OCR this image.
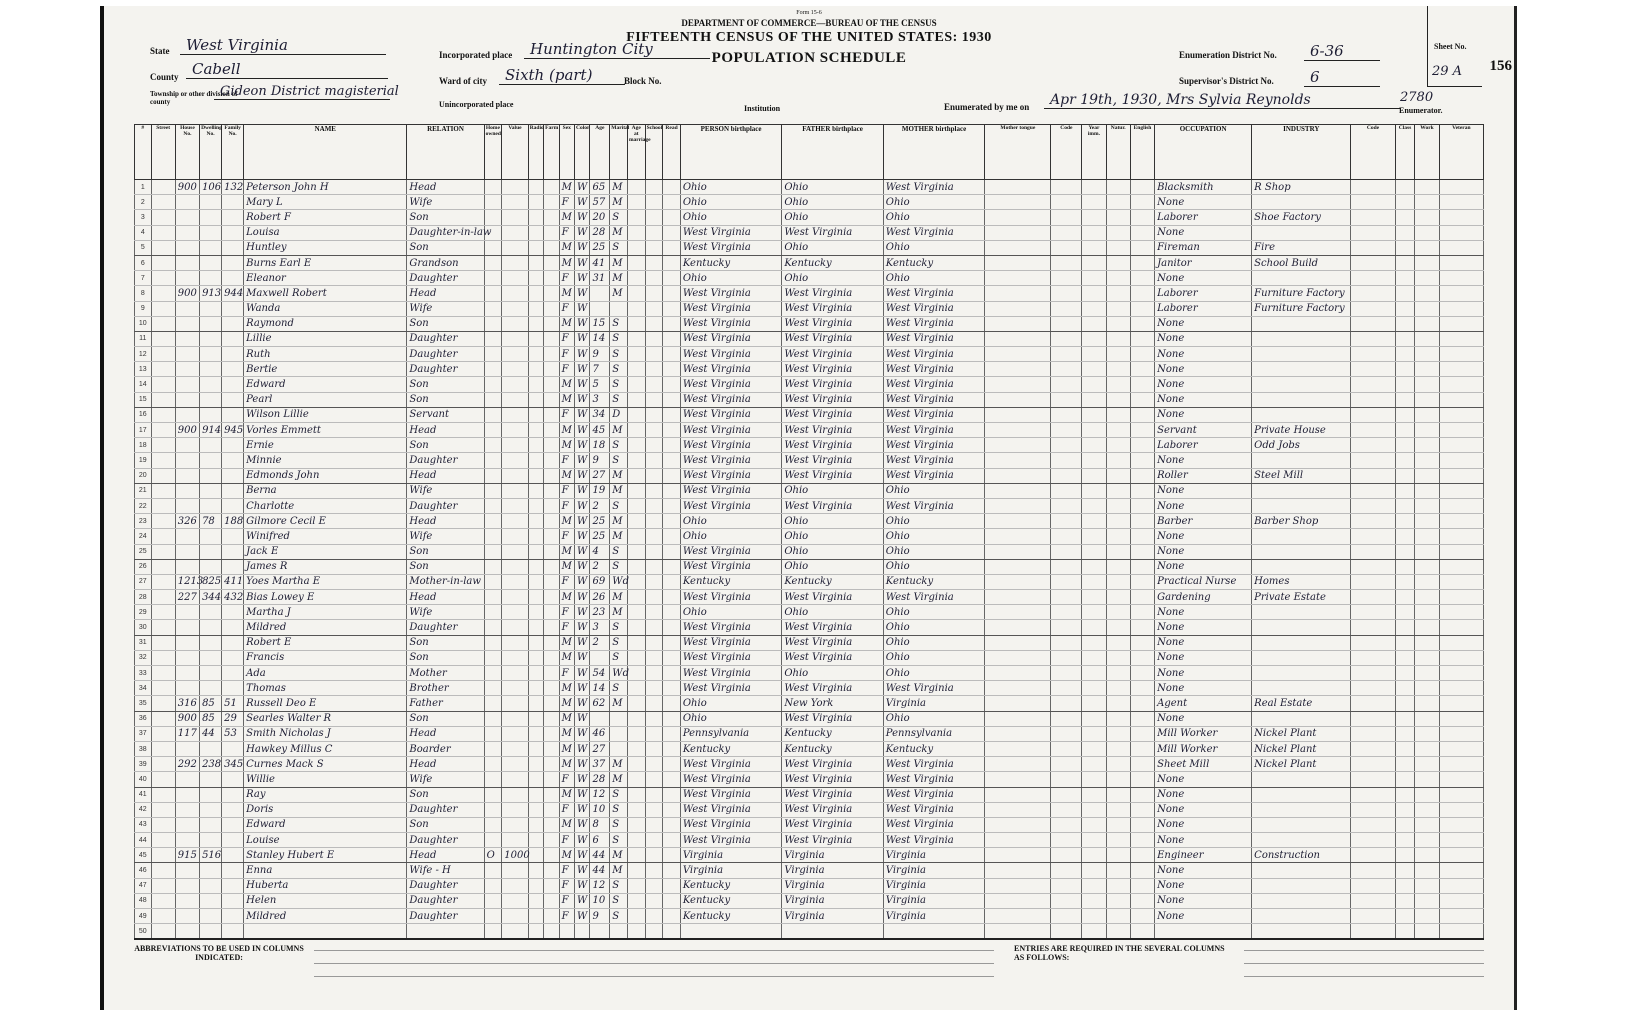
Form 15-6
DEPARTMENT OF COMMERCE—BUREAU OF THE CENSUS
FIFTEENTH CENSUS OF THE UNITED STATES: 1930
POPULATION SCHEDULE
State	West Virginia
County Cabell
Township or other division of county
Gideon District magisterial
Incorporated place	Huntington City
Ward of city	Sixth (part)	Block No.
Unincorporated place	Institution
Enumeration District No.	6-36
Supervisor's District No.	6
Enumerated by me on	Apr 19th, 1930, Mrs Sylvia Reynolds
Enumerator.
2780
Sheet No.
29 A 156
#	Street	House No.	Dwelling No.	Family No.	NAME	RELATION	Home owned	Value	Radio	Farm	Sex	Color	Age	Marital	Age at marriage	School	Read	PERSON birthplace	FATHER birthplace	MOTHER birthplace	Mother tongue	Code	Year imm.	Natur.	English	OCCUPATION	INDUSTRY	Code	Class	Work	Veteran
1		900	106	132	Peterson John H	Head					M	W	65	M				Ohio	Ohio	West Virginia						Blacksmith	R Shop				
2					Mary L	Wife					F	W	57	M				Ohio	Ohio	Ohio						None					
3					Robert F	Son					M	W	20	S				Ohio	Ohio	Ohio						Laborer	Shoe Factory				
4					Louisa	Daughter-in-law					F	W	28	M				West Virginia	West Virginia	West Virginia						None					
5					Huntley	Son					M	W	25	S				West Virginia	Ohio	Ohio						Fireman	Fire				
6					Burns Earl E	Grandson					M	W	41	M				Kentucky	Kentucky	Kentucky						Janitor	School Build				
7					Eleanor	Daughter					F	W	31	M				Ohio	Ohio	Ohio						None					
8		900	913	944	Maxwell Robert	Head					M	W		M				West Virginia	West Virginia	West Virginia						Laborer	Furniture Factory				
9					Wanda	Wife					F	W						West Virginia	West Virginia	West Virginia						Laborer	Furniture Factory				
10					Raymond	Son					M	W	15	S				West Virginia	West Virginia	West Virginia						None					
11					Lillie	Daughter					F	W	14	S				West Virginia	West Virginia	West Virginia						None					
12					Ruth	Daughter					F	W	9	S				West Virginia	West Virginia	West Virginia						None					
13					Bertie	Daughter					F	W	7	S				West Virginia	West Virginia	West Virginia						None					
14					Edward	Son					M	W	5	S				West Virginia	West Virginia	West Virginia						None					
15					Pearl	Son					M	W	3	S				West Virginia	West Virginia	West Virginia						None					
16					Wilson Lillie	Servant					F	W	34	D				West Virginia	West Virginia	West Virginia						None					
17		900	914	945	Vorles Emmett	Head					M	W	45	M				West Virginia	West Virginia	West Virginia						Servant	Private House				
18					Ernie	Son					M	W	18	S				West Virginia	West Virginia	West Virginia						Laborer	Odd Jobs				
19					Minnie	Daughter					F	W	9	S				West Virginia	West Virginia	West Virginia						None					
20					Edmonds John	Head					M	W	27	M				West Virginia	West Virginia	West Virginia						Roller	Steel Mill				
21					Berna	Wife					F	W	19	M				West Virginia	Ohio	Ohio						None					
22					Charlotte	Daughter					F	W	2	S				West Virginia	West Virginia	West Virginia						None					
23		326	78	188	Gilmore Cecil E	Head					M	W	25	M				Ohio	Ohio	Ohio						Barber	Barber Shop				
24					Winifred	Wife					F	W	25	M				Ohio	Ohio	Ohio						None					
25					Jack E	Son					M	W	4	S				West Virginia	Ohio	Ohio						None					
26					James R	Son					M	W	2	S				West Virginia	Ohio	Ohio						None					
27		1213	825	411	Yoes Martha E	Mother-in-law					F	W	69	Wd				Kentucky	Kentucky	Kentucky						Practical Nurse	Homes				
28		227	344	432	Bias Lowey E	Head					M	W	26	M				West Virginia	West Virginia	West Virginia						Gardening	Private Estate				
29					Martha J	Wife					F	W	23	M				Ohio	Ohio	Ohio						None					
30					Mildred	Daughter					F	W	3	S				West Virginia	West Virginia	Ohio						None					
31					Robert E	Son					M	W	2	S				West Virginia	West Virginia	Ohio						None					
32					Francis	Son					M	W		S				West Virginia	West Virginia	Ohio						None					
33					Ada	Mother					F	W	54	Wd				West Virginia	Ohio	Ohio						None					
34					Thomas	Brother					M	W	14	S				West Virginia	West Virginia	West Virginia						None					
35		316	85	51	Russell Deo E	Father					M	W	62	M				Ohio	New York	Virginia						Agent	Real Estate				
36		900	85	29	Searles Walter R	Son					M	W						Ohio	West Virginia	Ohio						None					
37		117	44	53	Smith Nicholas J	Head					M	W	46					Pennsylvania	Kentucky	Pennsylvania						Mill Worker	Nickel Plant				
38					Hawkey Millus C	Boarder					M	W	27					Kentucky	Kentucky	Kentucky						Mill Worker	Nickel Plant				
39		292	238	345	Curnes Mack S	Head					M	W	37	M				West Virginia	West Virginia	West Virginia						Sheet Mill	Nickel Plant				
40					Willie	Wife					F	W	28	M				West Virginia	West Virginia	West Virginia						None					
41					Ray	Son					M	W	12	S				West Virginia	West Virginia	West Virginia						None					
42					Doris	Daughter					F	W	10	S				West Virginia	West Virginia	West Virginia						None					
43					Edward	Son					M	W	8	S				West Virginia	West Virginia	West Virginia						None					
44					Louise	Daughter					F	W	6	S				West Virginia	West Virginia	West Virginia						None					
45		915	516		Stanley Hubert E	Head	O	1000			M	W	44	M				Virginia	Virginia	Virginia						Engineer	Construction				
46					Enna	Wife - H					F	W	44	M				Virginia	Virginia	Virginia						None					
47					Huberta	Daughter					F	W	12	S				Kentucky	Virginia	Virginia						None					
48					Helen	Daughter					F	W	10	S				Kentucky	Virginia	Virginia						None					
49					Mildred	Daughter					F	W	9	S				Kentucky	Virginia	Virginia						None					
50																															
ABBREVIATIONS TO BE USED IN COLUMNS INDICATED:
ENTRIES ARE REQUIRED IN THE SEVERAL COLUMNS AS FOLLOWS:
